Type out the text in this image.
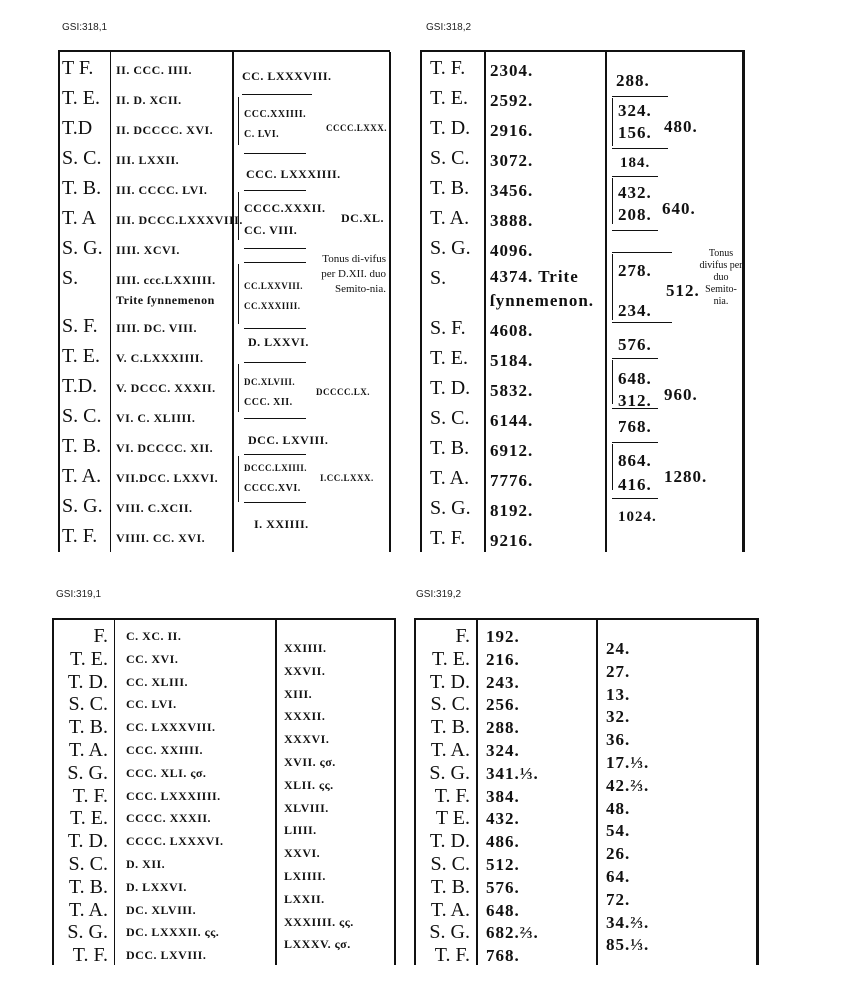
GSI:318,1
T F.
T. E.
T.D
S. C.
T. B.
T. A
S. G.
S.
S. F.
T. E.
T.D.
S. C.
T. B.
T. A.
S. G.
T. F.
II. CCC. IIII.
II. D. XCII.
II. DCCCC. XVI.
III. LXXII.
III. CCCC. LVI.
III. DCCC.LXXXVIII.
IIII. XCVI.
IIII. ccc.LXXIIII.
Trite ſynnemenon
IIII. DC. VIII.
V. C.LXXXIIII.
V. DCCC. XXXII.
VI. C. XLIIII.
VI. DCCCC. XII.
VII.DCC. LXXVI.
VIII. C.XCII.
VIIII. CC. XVI.
CC. LXXXVIII.
CCC.XXIIII.
C. LVI.
CCCC.LXXX.
CCC. LXXXIIII.
CCCC.XXXII.
CC. VIII.
DC.XL.
CC.LXXVIII.
CC.XXXIIII.
Tonus di-vifus per D.XII. duo Semito-nia.
D. LXXVI.
DC.XLVIII.
CCC. XII.
DCCCC.LX.
DCC. LXVIII.
DCCC.LXIIII.
CCCC.XVI.
I.CC.LXXX.
I. XXIIII.
GSI:318,2
T. F.
T. E.
T. D.
S. C.
T. B.
T. A.
S. G.
S.
S. F.
T. E.
T. D.
S. C.
T. B.
T. A.
S. G.
T. F.
2304.
2592.
2916.
3072.
3456.
3888.
4096.
4374. Trite
ſynnemenon.
4608.
5184.
5832.
6144.
6912.
7776.
8192.
9216.
288.
324.
156. 480.
184.
432.
208. 640.
278.
234.
512.
Tonus divifus per duo Semito-nia.
576.
648.
312. 960.
768.
864.
416. 1280.
1024.
GSI:319,1
F.
T. E.
T. D.
S. C.
T. B.
T. A.
S. G.
T. F.
T. E.
T. D.
S. C.
T. B.
T. A.
S. G.
T. F.
C. XC. II.
CC. XVI.
CC. XLIII.
CC. LVI.
CC. LXXXVIII.
CCC. XXIIII.
CCC. XLI. ςσ.
CCC. LXXXIIII.
CCCC. XXXII.
CCCC. LXXXVI.
D. XII.
D. LXXVI.
DC. XLVIII.
DC. LXXXII. ςς.
DCC. LXVIII.
XXIIII.
XXVII.
XIII.
XXXII.
XXXVI.
XVII. ςσ.
XLII. ςς.
XLVIII.
LIIII.
XXVI.
LXIIII.
LXXII.
XXXIIII. ςς.
LXXXV. ςσ.
GSI:319,2
F.
T. E.
T. D.
S. C.
T. B.
T. A.
S. G.
T. F.
T E.
T. D.
S. C.
T. B.
T. A.
S. G.
T. F.
192.
216.
243.
256.
288.
324.
341.⅓.
384.
432.
486.
512.
576.
648.
682.⅔.
768.
24.
27.
13.
32.
36.
17.⅓.
42.⅔.
48.
54.
26.
64.
72.
34.⅔.
85.⅓.
